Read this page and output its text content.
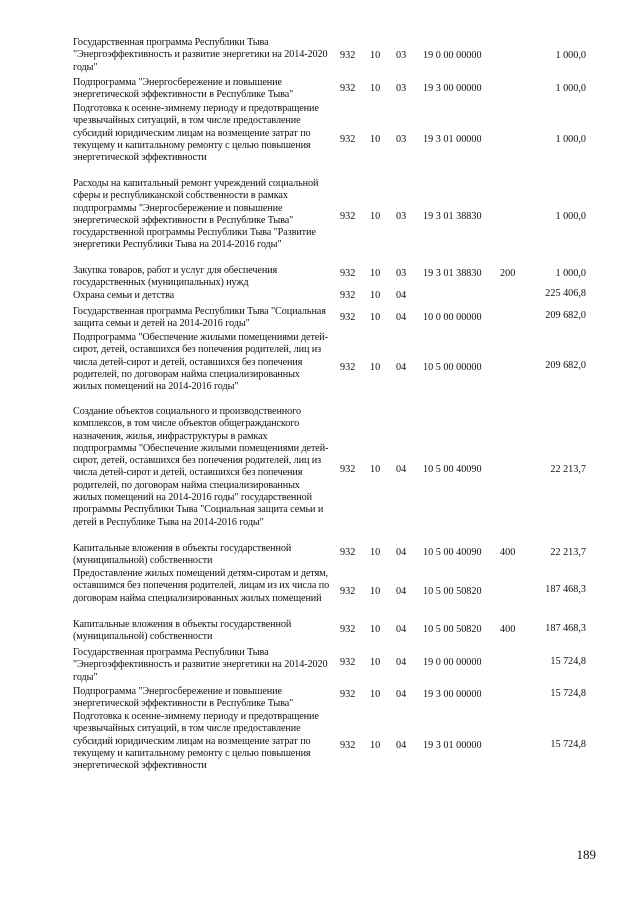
Государственная программа Республики Тыва "Энергоэффективность и развитие энергетики на 2014-2020 годы"
932	10	03	19 0 00 00000	1 000,0
Подпрограмма "Энергосбережение и повышение энергетической эффективности в Республике Тыва"
932	10	03	19 3 00 00000	1 000,0
Подготовка к осенне-зимнему периоду и предотвращение чрезвычайных ситуаций, в том числе предоставление субсидий юридическим лицам на возмещение затрат по текущему и капитальному ремонту с целью повышения энергетической эффективности
932	10	03	19 3 01 00000	1 000,0
Расходы на капитальный ремонт учреждений социальной сферы и республиканской собственности в рамках подпрограммы "Энергосбережение и повышение энергетической эффективности в Республике Тыва" государственной программы Республики Тыва "Развитие энергетики Республики Тыва на 2014-2016 годы"
932	10	03	19 3 01 38830	1 000,0
Закупка товаров, работ и услуг для обеспечения государственных (муниципальных) нужд
932	10	03	19 3 01 38830	200	1 000,0
Охрана семьи и детства	932	10	04	225 406,8
Государственная программа Республики Тыва "Социальная защита семьи и детей на 2014-2016 годы"
932	10	04	10 0 00 00000	209 682,0
Подпрограмма "Обеспечение жилыми помещениями детей-сирот, детей, оставшихся без попечения родителей, лиц из числа детей-сирот и детей, оставшихся без попечения родителей, по договорам найма специализированных жилых помещений на 2014-2016 годы"
932	10	04	10 5 00 00000	209 682,0
Создание объектов социального и производственного комплексов, в том числе объектов общегражданского назначения, жилья, инфраструктуры в рамках подпрограммы "Обеспечение жилыми помещениями детей-сирот, детей, оставшихся без попечения родителей, лиц из числа детей-сирот и детей, оставшихся без попечения родителей, по договорам найма специализированных жилых помещений на 2014-2016 годы" государственной программы Республики Тыва "Социальная защита семьи и детей в Республике Тыва на 2014-2016 годы"
932	10	04	10 5 00 40090	22 213,7
Капитальные вложения в объекты государственной (муниципальной) собственности
932	10	04	10 5 00 40090	400	22 213,7
Предоставление жилых помещений детям-сиротам и детям, оставшимся без попечения родителей, лицам из их числа по договорам найма специализированных жилых помещений
932	10	04	10 5 00 50820	187 468,3
Капитальные вложения в объекты государственной (муниципальной) собственности
932	10	04	10 5 00 50820	400	187 468,3
Государственная программа Республики Тыва "Энергоэффективность и развитие энергетики на 2014-2020 годы"
932	10	04	19 0 00 00000	15 724,8
Подпрограмма "Энергосбережение и повышение энергетической эффективности в Республике Тыва"
932	10	04	19 3 00 00000	15 724,8
Подготовка к осенне-зимнему периоду и предотвращение чрезвычайных ситуаций, в том числе предоставление субсидий юридическим лицам на возмещение затрат по текущему и капитальному ремонту с целью повышения энергетической эффективности
932	10	04	19 3 01 00000	15 724,8
189
